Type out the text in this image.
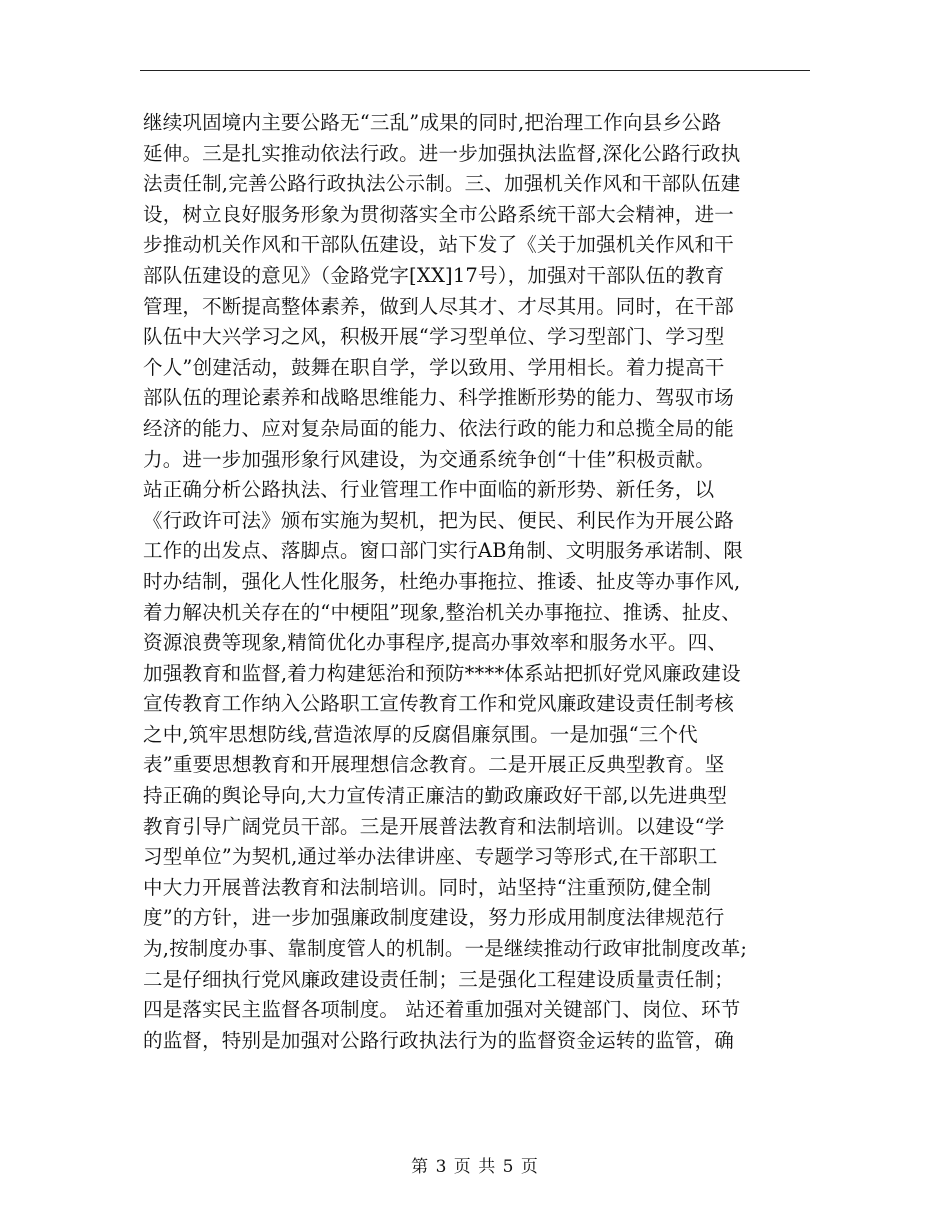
继续巩固境内主要公路无“三乱”成果的同时,把治理工作向县乡公路
延伸。三是扎实推动依法行政。进一步加强执法监督,深化公路行政执
法责任制,完善公路行政执法公示制。三、加强机关作风和干部队伍建
设，树立良好服务形象为贯彻落实全市公路系统干部大会精神，进一
步推动机关作风和干部队伍建设，站下发了《关于加强机关作风和干
部队伍建设的意见》（金路党字[XX]17号），加强对干部队伍的教育
管理，不断提高整体素养，做到人尽其才、才尽其用。同时，在干部
队伍中大兴学习之风，积极开展“学习型单位、学习型部门、学习型
个人”创建活动，鼓舞在职自学，学以致用、学用相长。着力提高干
部队伍的理论素养和战略思维能力、科学推断形势的能力、驾驭市场
经济的能力、应对复杂局面的能力、依法行政的能力和总揽全局的能
力。进一步加强形象行风建设，为交通系统争创“十佳”积极贡献。
站正确分析公路执法、行业管理工作中面临的新形势、新任务，以
《行政许可法》颁布实施为契机，把为民、便民、利民作为开展公路
工作的出发点、落脚点。窗口部门实行AB角制、文明服务承诺制、限
时办结制，强化人性化服务，杜绝办事拖拉、推诿、扯皮等办事作风,
着力解决机关存在的“中梗阻”现象,整治机关办事拖拉、推诱、扯皮、
资源浪费等现象,精简优化办事程序,提高办事效率和服务水平。四、
加强教育和监督,着力构建惩治和预防****体系站把抓好党风廉政建设
宣传教育工作纳入公路职工宣传教育工作和党风廉政建设责任制考核
之中,筑牢思想防线,营造浓厚的反腐倡廉氛围。一是加强“三个代
表”重要思想教育和开展理想信念教育。二是开展正反典型教育。坚
持正确的舆论导向,大力宣传清正廉洁的勤政廉政好干部,以先进典型
教育引导广阔党员干部。三是开展普法教育和法制培训。以建设“学
习型单位”为契机,通过举办法律讲座、专题学习等形式,在干部职工
中大力开展普法教育和法制培训。同时，站坚持“注重预防,健全制
度”的方针，进一步加强廉政制度建设，努力形成用制度法律规范行
为,按制度办事、靠制度管人的机制。一是继续推动行政审批制度改革;
二是仔细执行党风廉政建设责任制；三是强化工程建设质量责任制；
四是落实民主监督各项制度。 站还着重加强对关键部门、岗位、环节
的监督，特别是加强对公路行政执法行为的监督资金运转的监管，确
第 3 页 共 5 页
